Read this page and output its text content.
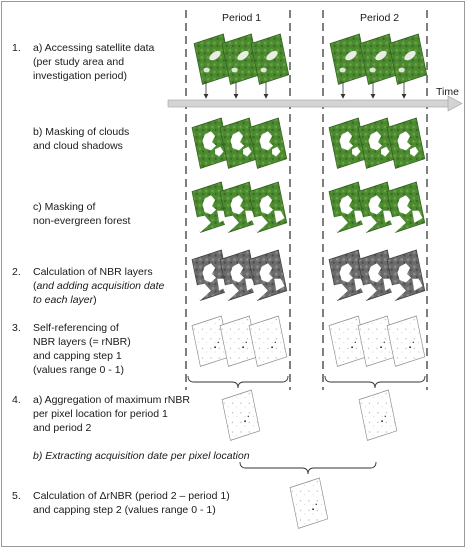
Period 1	Period 2
1. a) Accessing satellite data
(per study area and
investigation period)
b) Masking of clouds
and cloud shadows
c) Masking of
non-evergreen forest
2. Calculation of NBR layers
(and adding acquisition date
to each layer)
3. Self-referencing of
NBR layers (= rNBR)
and capping step 1
(values range 0 - 1)
4. a) Aggregation of maximum rNBR
per pixel location for period 1
and period 2
b) Extracting acquisition date per pixel location
5. Calculation of ΔrNBR (period 2 – period 1)
and capping step 2 (values range 0 - 1)
Time
